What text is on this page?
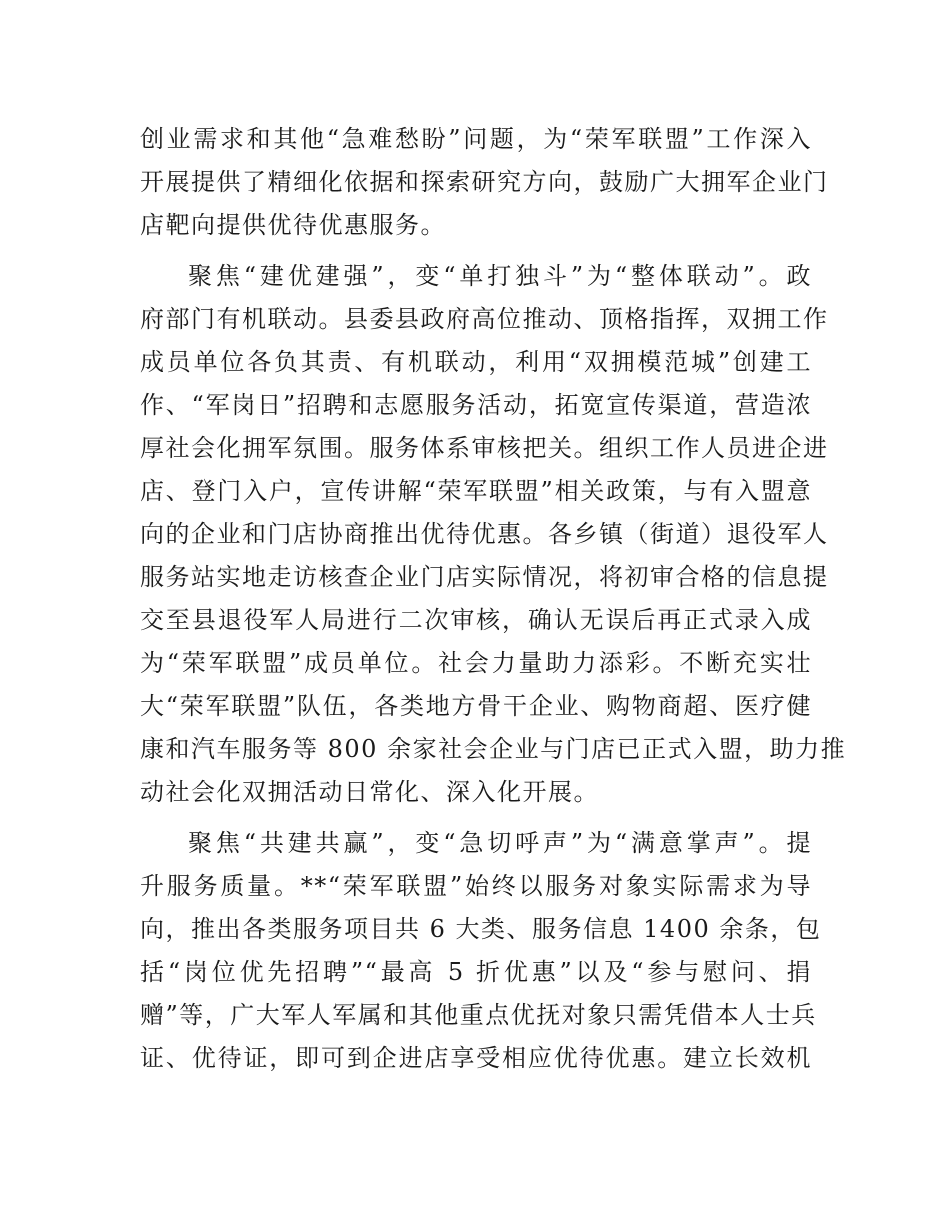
创业需求和其他“急难愁盼”问题，为“荣军联盟”工作深入
开展提供了精细化依据和探索研究方向，鼓励广大拥军企业门
店靶向提供优待优惠服务。
聚焦“建优建强”，变“单打独斗”为“整体联动”。政
府部门有机联动。县委县政府高位推动、顶格指挥，双拥工作
成员单位各负其责、有机联动，利用“双拥模范城”创建工
作、“军岗日”招聘和志愿服务活动，拓宽宣传渠道，营造浓
厚社会化拥军氛围。服务体系审核把关。组织工作人员进企进
店、登门入户，宣传讲解“荣军联盟”相关政策，与有入盟意
向的企业和门店协商推出优待优惠。各乡镇（街道）退役军人
服务站实地走访核查企业门店实际情况，将初审合格的信息提
交至县退役军人局进行二次审核，确认无误后再正式录入成
为“荣军联盟”成员单位。社会力量助力添彩。不断充实壮
大“荣军联盟”队伍，各类地方骨干企业、购物商超、医疗健
康和汽车服务等 800 余家社会企业与门店已正式入盟，助力推
动社会化双拥活动日常化、深入化开展。
聚焦“共建共赢”，变“急切呼声”为“满意掌声”。提
升服务质量。**“荣军联盟”始终以服务对象实际需求为导
向，推出各类服务项目共 6 大类、服务信息 1400 余条，包
括“岗位优先招聘”“最高 5 折优惠”以及“参与慰问、捐
赠”等，广大军人军属和其他重点优抚对象只需凭借本人士兵
证、优待证，即可到企进店享受相应优待优惠。建立长效机
